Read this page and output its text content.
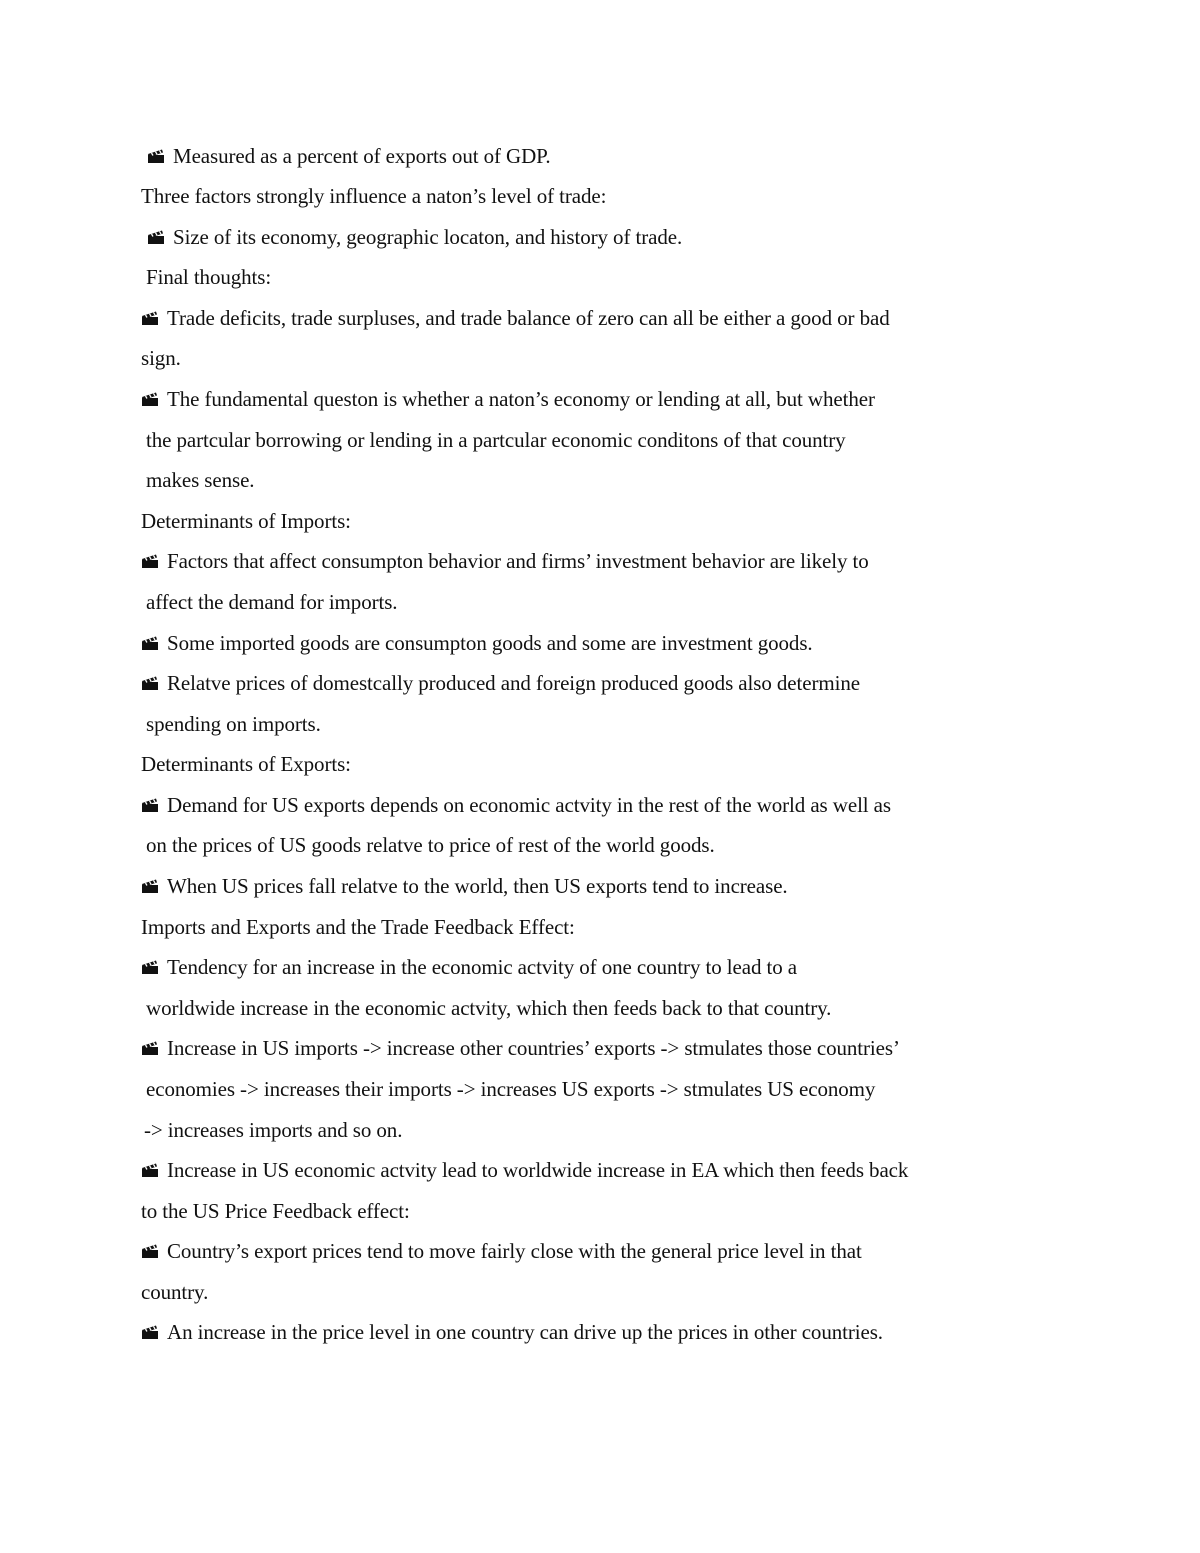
Measured as a percent of exports out of GDP.
Three factors strongly influence a naton’s level of trade:
Size of its economy, geographic locaton, and history of trade.
Final thoughts:
Trade deficits, trade surpluses, and trade balance of zero can all be either a good or bad
sign.
The fundamental queston is whether a naton’s economy or lending at all, but whether
the partcular borrowing or lending in a partcular economic conditons of that country
makes sense.
Determinants of Imports:
Factors that affect consumpton behavior and firms’ investment behavior are likely to
affect the demand for imports.
Some imported goods are consumpton goods and some are investment goods.
Relatve prices of domestcally produced and foreign produced goods also determine
spending on imports.
Determinants of Exports:
Demand for US exports depends on economic actvity in the rest of the world as well as
on the prices of US goods relatve to price of rest of the world goods.
When US prices fall relatve to the world, then US exports tend to increase.
Imports and Exports and the Trade Feedback Effect:
Tendency for an increase in the economic actvity of one country to lead to a
worldwide increase in the economic actvity, which then feeds back to that country.
Increase in US imports -> increase other countries’ exports -> stmulates those countries’
economies -> increases their imports -> increases US exports -> stmulates US economy
-> increases imports and so on.
Increase in US economic actvity lead to worldwide increase in EA which then feeds back
to the US Price Feedback effect:
Country’s export prices tend to move fairly close with the general price level in that
country.
An increase in the price level in one country can drive up the prices in other countries.
